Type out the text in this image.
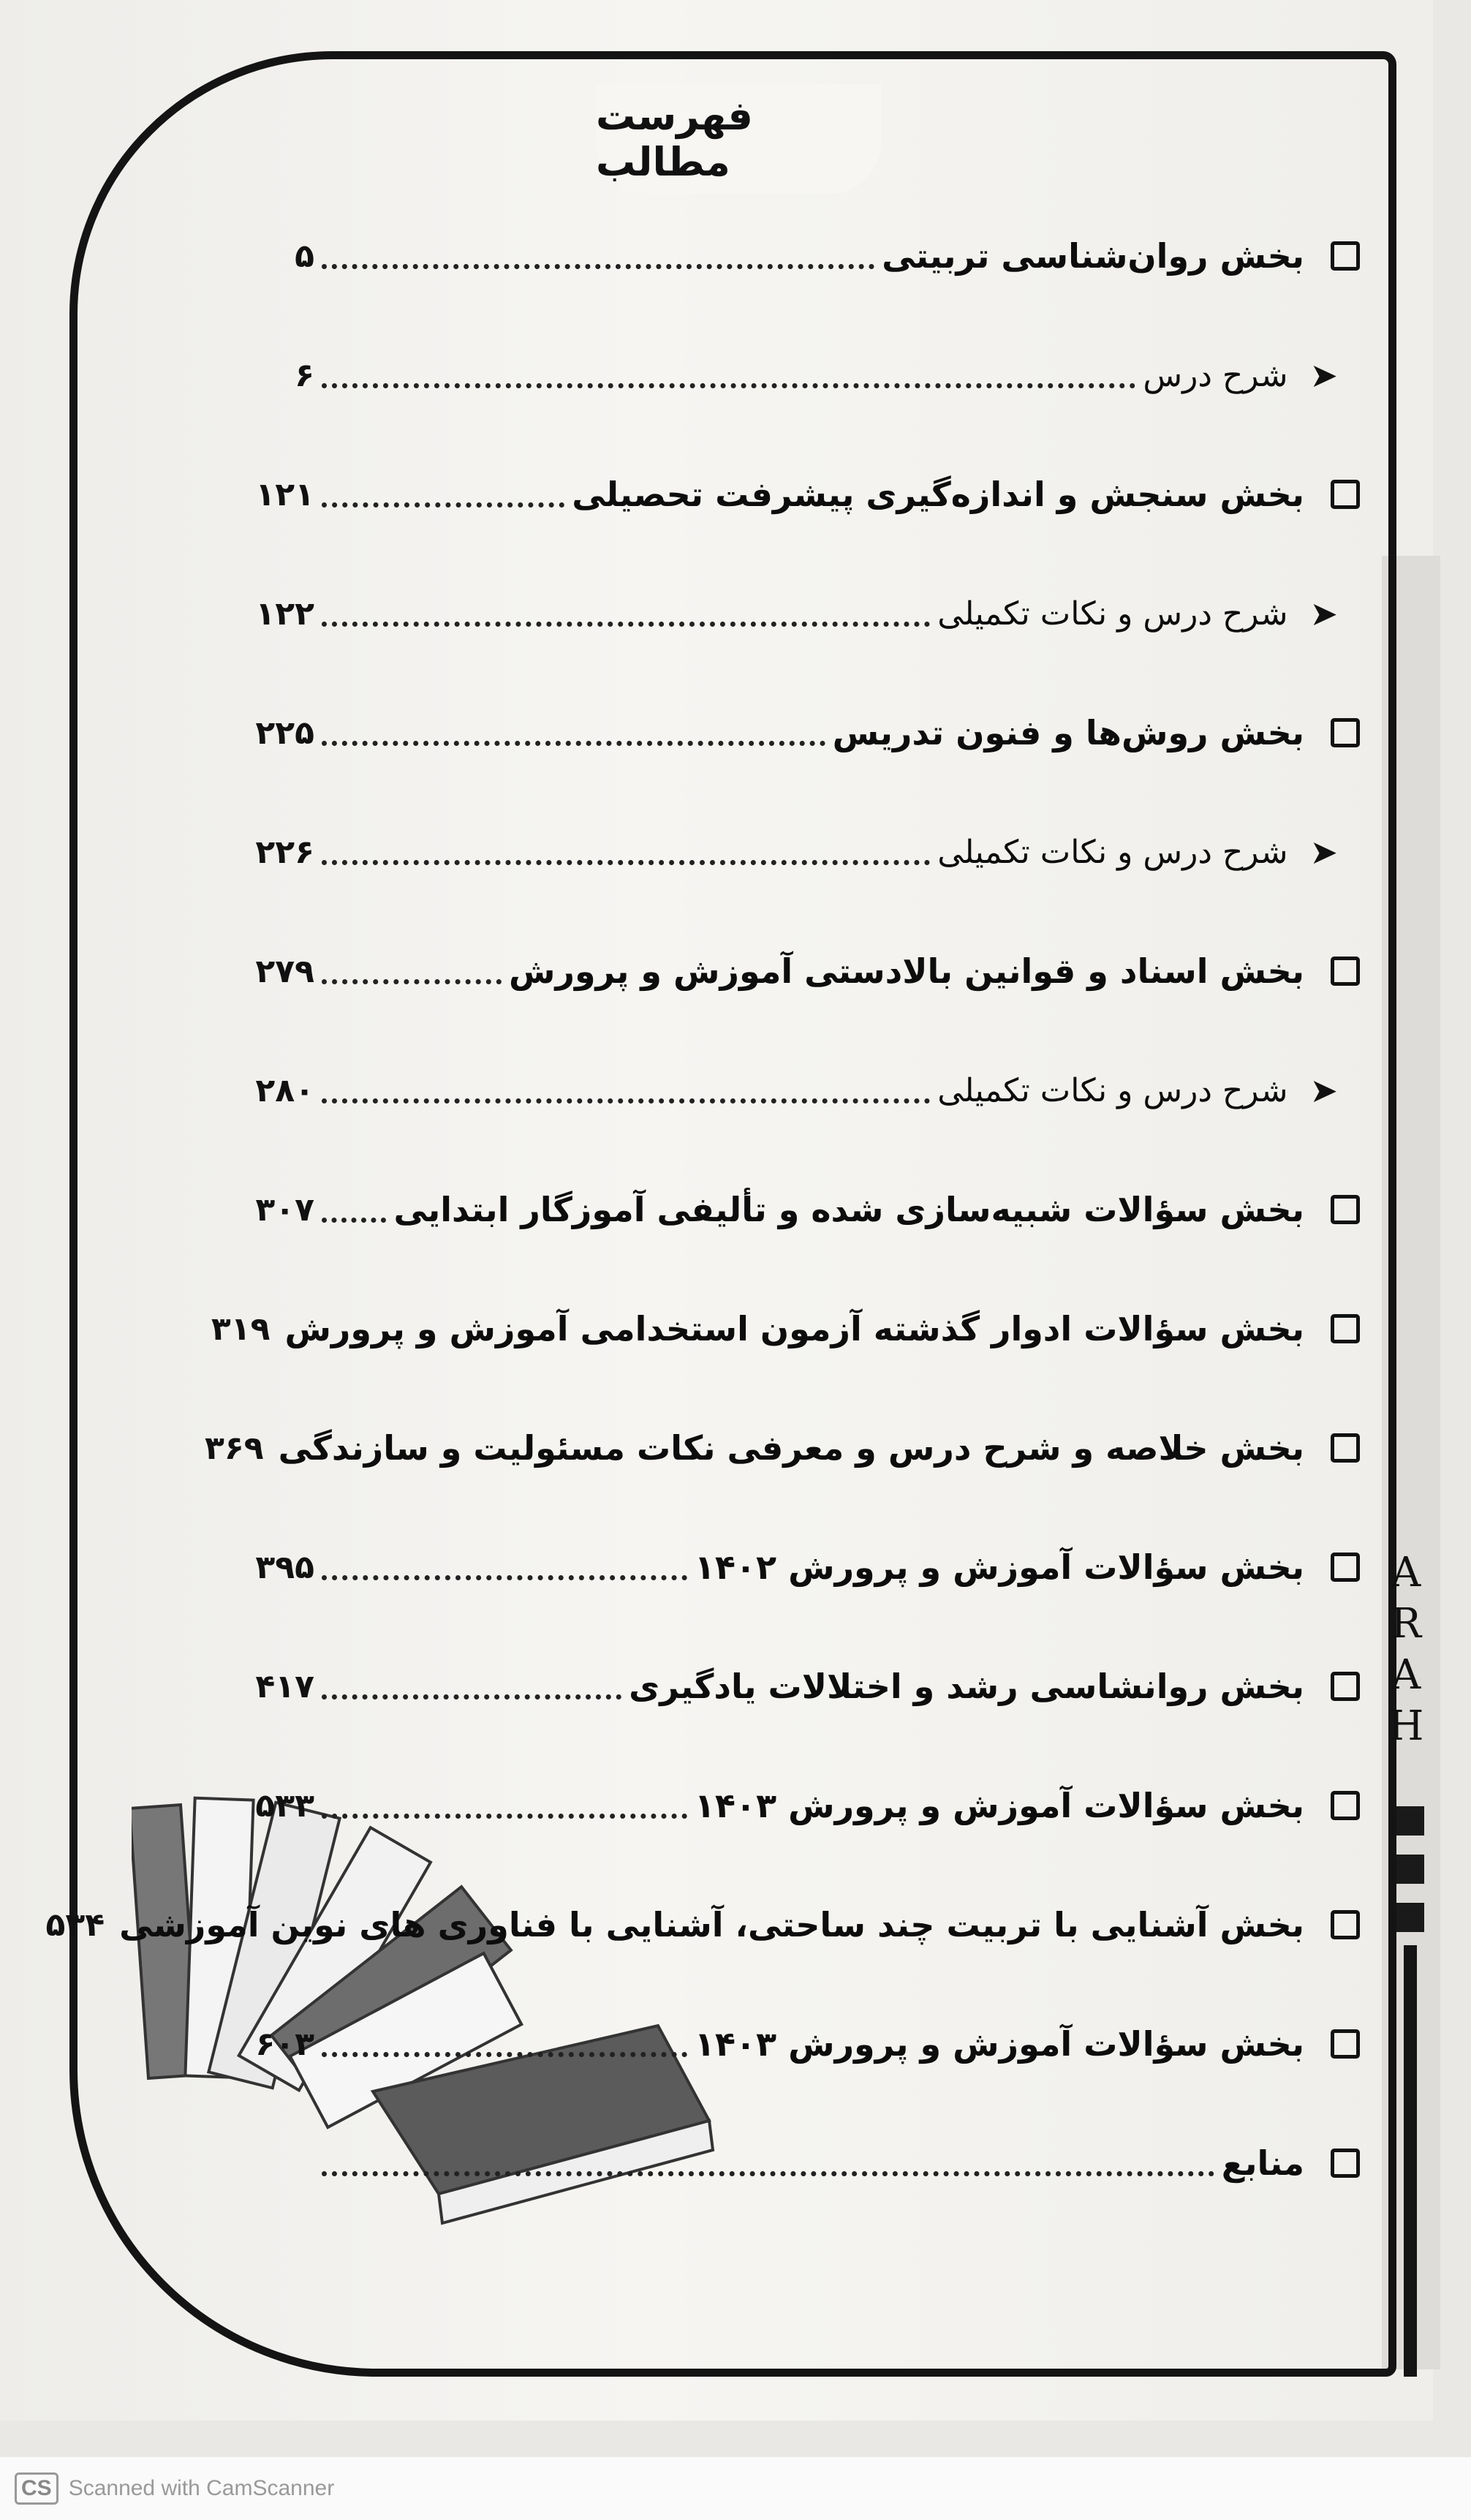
فهرست مطالب
A
R
A
H
بخش روان‌شناسی تربیتی
۵
➤
شرح درس
۶
بخش سنجش و اندازه‌گیری پیشرفت تحصیلی
۱۲۱
➤
شرح درس و نکات تکمیلی
۱۲۲
بخش روش‌ها و فنون تدریس
۲۲۵
➤
شرح درس و نکات تکمیلی
۲۲۶
بخش اسناد و قوانین بالادستی آموزش و پرورش
۲۷۹
➤
شرح درس و نکات تکمیلی
۲۸۰
بخش سؤالات شبیه‌سازی شده و تألیفی آموزگار ابتدایی
۳۰۷
بخش سؤالات ادوار گذشته آزمون استخدامی آموزش و پرورش
۳۱۹
بخش خلاصه و شرح درس و معرفی نکات مسئولیت و سازندگی
۳۶۹
بخش سؤالات آموزش و پرورش ۱۴۰۲
۳۹۵
بخش روانشاسی رشد و اختلالات یادگیری
۴۱۷
بخش سؤالات آموزش و پرورش ۱۴۰۳
۵۳۳
بخش آشنایی با تربیت چند ساحتی، آشنایی با فناوری های نوین آموزشی
۵۳۴
بخش سؤالات آموزش و پرورش ۱۴۰۳
۶۰۳
منابع
CS Scanned with CamScanner
